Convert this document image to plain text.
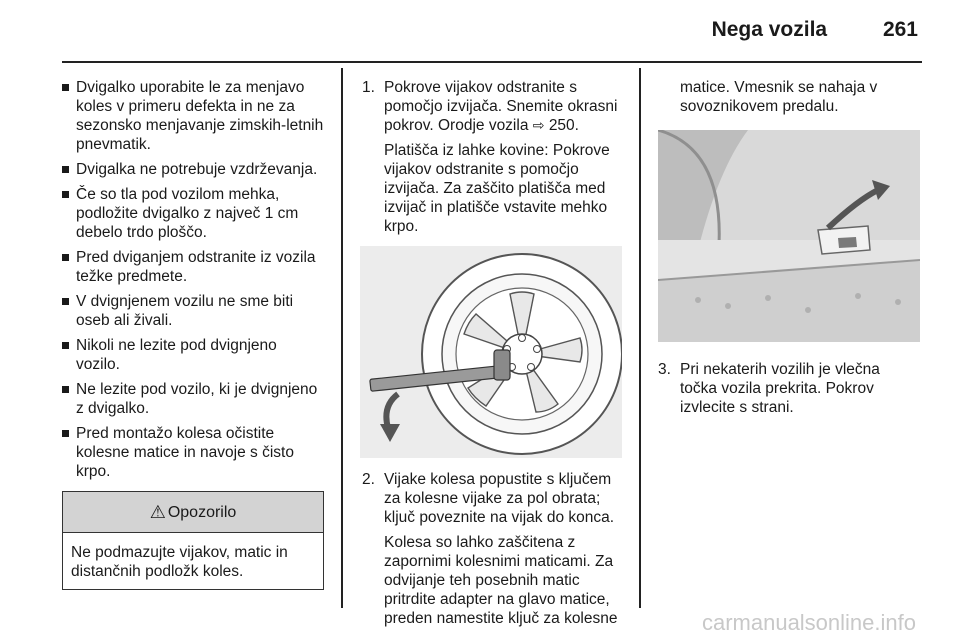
Nega vozila	261
Dvigalko uporabite le za menjavo koles v primeru defekta in ne za sezonsko menjavanje zimskih-letnih pnevmatik.
Dvigalka ne potrebuje vzdrževanja.
Če so tla pod vozilom mehka, podložite dvigalko z največ 1 cm debelo trdo ploščo.
Pred dviganjem odstranite iz vozila težke predmete.
V dvignjenem vozilu ne sme biti oseb ali živali.
Nikoli ne lezite pod dvignjeno vozilo.
Ne lezite pod vozilo, ki je dvignjeno z dvigalko.
Pred montažo kolesa očistite kolesne matice in navoje s čisto krpo.
⚠ Opozorilo
Ne podmazujte vijakov, matic in distančnih podložk koles.
1. Pokrove vijakov odstranite s pomočjo izvijača. Snemite okrasni pokrov. Orodje vozila ⇨ 250.
Platišča iz lahke kovine: Pokrove vijakov odstranite s pomočjo izvijača. Za zaščito platišča med izvijač in platišče vstavite mehko krpo.
2. Vijake kolesa popustite s ključem za kolesne vijake za pol obrata; ključ poveznite na vijak do konca.
Kolesa so lahko zaščitena z zapornimi kolesnimi maticami. Za odvijanje teh posebnih matic pritrdite adapter na glavo matice, preden namestite ključ za kolesne
matice. Vmesnik se nahaja v sovoznikovem predalu.
3. Pri nekaterih vozilih je vlečna točka vozila prekrita. Pokrov izvlecite s strani.
carmanualsonline.info
